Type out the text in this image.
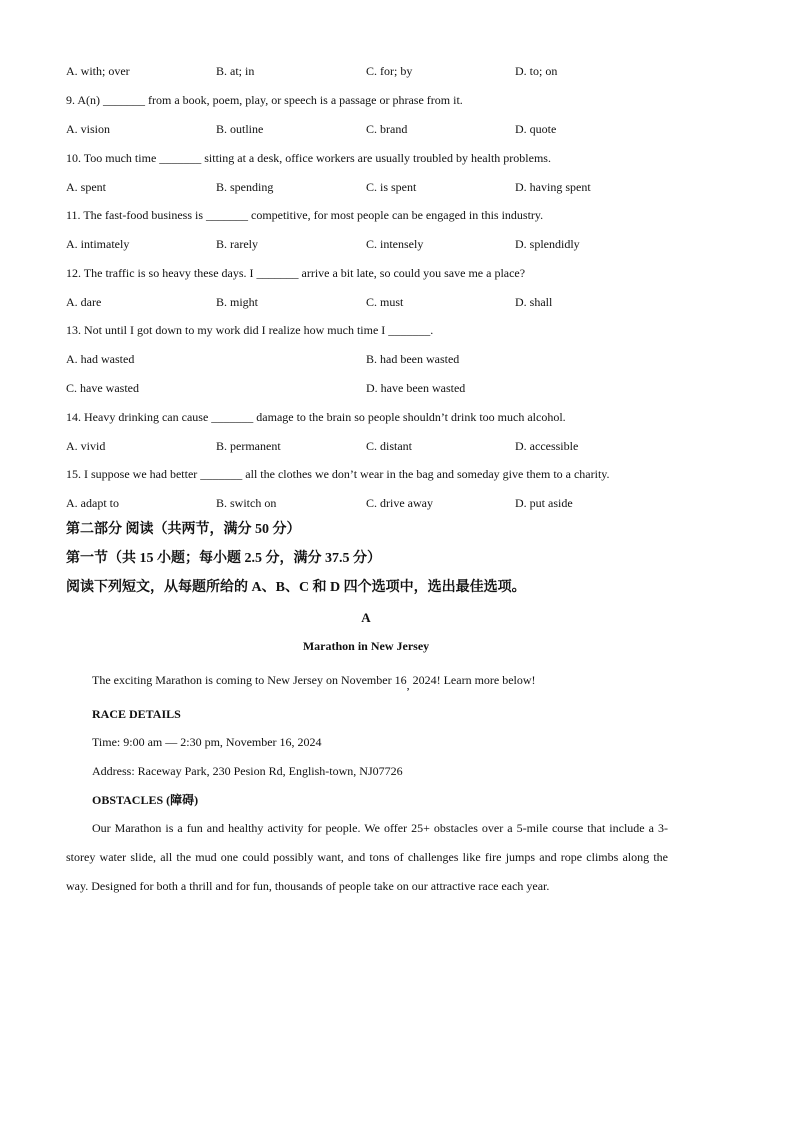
A. with; over	B. at; in	C. for; by	D. to; on
9. A(n) _______ from a book, poem, play, or speech is a passage or phrase from it.
A. vision	B. outline	C. brand	D. quote
10. Too much time _______ sitting at a desk, office workers are usually troubled by health problems.
A. spent	B. spending	C. is spent	D. having spent
11. The fast-food business is _______ competitive, for most people can be engaged in this industry.
A. intimately	B. rarely	C. intensely	D. splendidly
12. The traffic is so heavy these days. I _______ arrive a bit late, so could you save me a place?
A. dare	B. might	C. must	D. shall
13. Not until I got down to my work did I realize how much time I _______.
A. had wasted	B. had been wasted
C. have wasted	D. have been wasted
14. Heavy drinking can cause _______ damage to the brain so people shouldn’t drink too much alcohol.
A. vivid	B. permanent	C. distant	D. accessible
15. I suppose we had better _______ all the clothes we don’t wear in the bag and someday give them to a charity.
A. adapt to	B. switch on	C. drive away	D. put aside
第二部分 阅读（共两节，满分 50 分）
第一节（共 15 小题；每小题 2.5 分，满分 37.5 分）
阅读下列短文，从每题所给的 A、B、C 和 D 四个选项中，选出最佳选项。
A
Marathon in New Jersey
The exciting Marathon is coming to New Jersey on November 16, 2024! Learn more below!
RACE DETAILS
Time: 9:00 am — 2:30 pm, November 16, 2024
Address: Raceway Park, 230 Pesion Rd, English-town, NJ07726
OBSTACLES (障碍)
Our Marathon is a fun and healthy activity for people. We offer 25+ obstacles over a 5-mile course that include a 3-storey water slide, all the mud one could possibly want, and tons of challenges like fire jumps and rope climbs along the way. Designed for both a thrill and for fun, thousands of people take on our attractive race each year.
